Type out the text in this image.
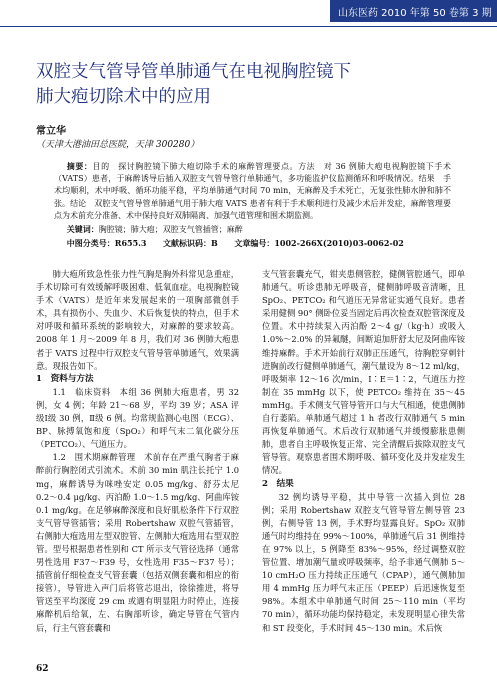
山东医药 2010 年第 50 卷第 3 期
双腔支气管导管单肺通气在电视胸腔镜下
肺大疱切除术中的应用
常立华
（天津大港油田总医院，天津 300280）

摘要：目的　探讨胸腔镜下肺大疱切除手术的麻醉管理要点。方法　对 36 例肺大疱电视胸腔镜下手术（VATS）患者，于麻醉诱导后插入双腔支气管导管行单肺通气，多功能监护仪监测循环和呼吸情况。结果　手术均顺利，术中呼吸、循环功能平稳，平均单肺通气时间 70 min，无麻醉及手术死亡，无复张性肺水肿和肺不张。结论　双腔支气管导管单肺通气用于肺大疱 VATS 患者有利于手术顺利进行及减少术后并发症，麻醉管理要点为术前充分准备、术中保持良好双肺隔离、加强气道管理和围术期监测。

关键词：胸腔镜；肺大疱；双腔支气管插管；麻醉

中图分类号：R655.3 文献标识码：B 文章编号：1002-266X(2010)03-0062-02

肺大疱所致急性张力性气胸是胸外科常见急重症，手术切除可有效缓解呼吸困难、低氧血症。电视胸腔镜手术（VATS）是近年来发展起来的一项胸部微创手术，具有损伤小、失血少、术后恢复快的特点，但手术对呼吸和循环系统的影响较大，对麻醉的要求较高。2008 年 1 月～2009 年 8 月，我们对 36 例肺大疱患者于 VATS 过程中行双腔支气管导管单肺通气，效果满意。现报告如下。

1　资料与方法

1.1　临床资料　 本组 36 例肺大疱患者，男 32 例，女 4 例；年龄 21～68 岁，平均 39 岁；ASA 评级Ⅰ级 30 例，Ⅱ级 6 例。均常规监测心电图（ECG）、BP、脉搏氧饱和度（SpO₂）和呼气末二氧化碳分压（PETCO₂）、气道压力。

1.2　围术期麻醉管理　 术前存在严重气胸者于麻醉前行胸腔闭式引流术。术前 30 min 肌注长托宁 1.0 mg，麻醉诱导为咪唑安定 0.05 mg/kg、舒芬太尼 0.2～0.4 μg/kg、丙泊酚 1.0～1.5 mg/kg、阿曲库铵 0.1 mg/kg。在足够麻醉深度和良好肌松条件下行双腔支气管导管插管；采用 Robertshaw 双腔气管插管，右侧肺大疱选用左型双腔管、左侧肺大疱选用右型双腔管。型号根据患者性别和 CT 所示支气管径选择（通常男性选用 F37～F39 号，女性选用 F35～F37 号）；插管前仔细检查支气管套囊（包括双侧套囊和相应的衔接管），导管进入声门后将管芯退出，徐徐推进，将导管送至平均深度 29 cm 或遇有明显阻力时停止，连接麻醉机后给氧，左、右胸部听诊，确定导管在气管内后，行主气管套囊和

支气管套囊充气，钳夹患侧管腔，健侧管腔通气，即单肺通气。听诊患肺无呼吸音，健侧肺呼吸音清晰，且 SpO₂、PETCO₂ 和气道压无异常证实通气良好。患者采用健侧 90° 侧卧位妥当固定后再次检查双腔管深度及位置。术中持续泵入丙泊酚 2～4 g/（kg·h）或吸入 1.0%～2.0% 的异氟醚，间断追加肝舒太尼及阿曲库铵维持麻醉。手术开始前行双肺正压通气，待胸腔穿刺针进胸前改行健侧单肺通气，潮气量设为 8～12 ml/kg，呼吸频率 12～16 次/min，I∶E＝1∶2，气道压力控制在 35 mmHg 以下，使 PETCO₂ 维持在 35～45 mmHg。手术侧支气管导管开口与大气相通，使患侧肺自行萎陷。单肺通气超过 1 h 者改行双肺通气 5 min 再恢复单肺通气。术后改行双肺通气并缓慢膨胀患侧肺，患者自主呼吸恢复正常、完全清醒后拔除双腔支气管导管。观察患者围术期呼吸、循环变化及并发症发生情况。

2　结果

32 例均诱导平稳，其中导管一次插入到位 28 例；采用 Robertshaw 双腔支气管导管左侧导管 23 例，右侧导管 13 例，手术野均显露良好。SpO₂ 双肺通气时均维持在 99%～100%，单肺通气后 31 例维持在 97% 以上，5 例降至 83%～95%，经过调整双腔管位置、增加潮气量或呼吸频率，给予非通气侧肺 5～10 cmH₂O 压力持续正压通气（CPAP），通气侧肺加用 4 mmHg 压力呼气末正压（PEEP）后迅速恢复至 98%。本组术中单肺通气时间 25～110 min（平均 70 min），循环功能均保持稳定，未发现明显心律失常和 ST 段变化，手术时间 45～130 min。术后恢

62
